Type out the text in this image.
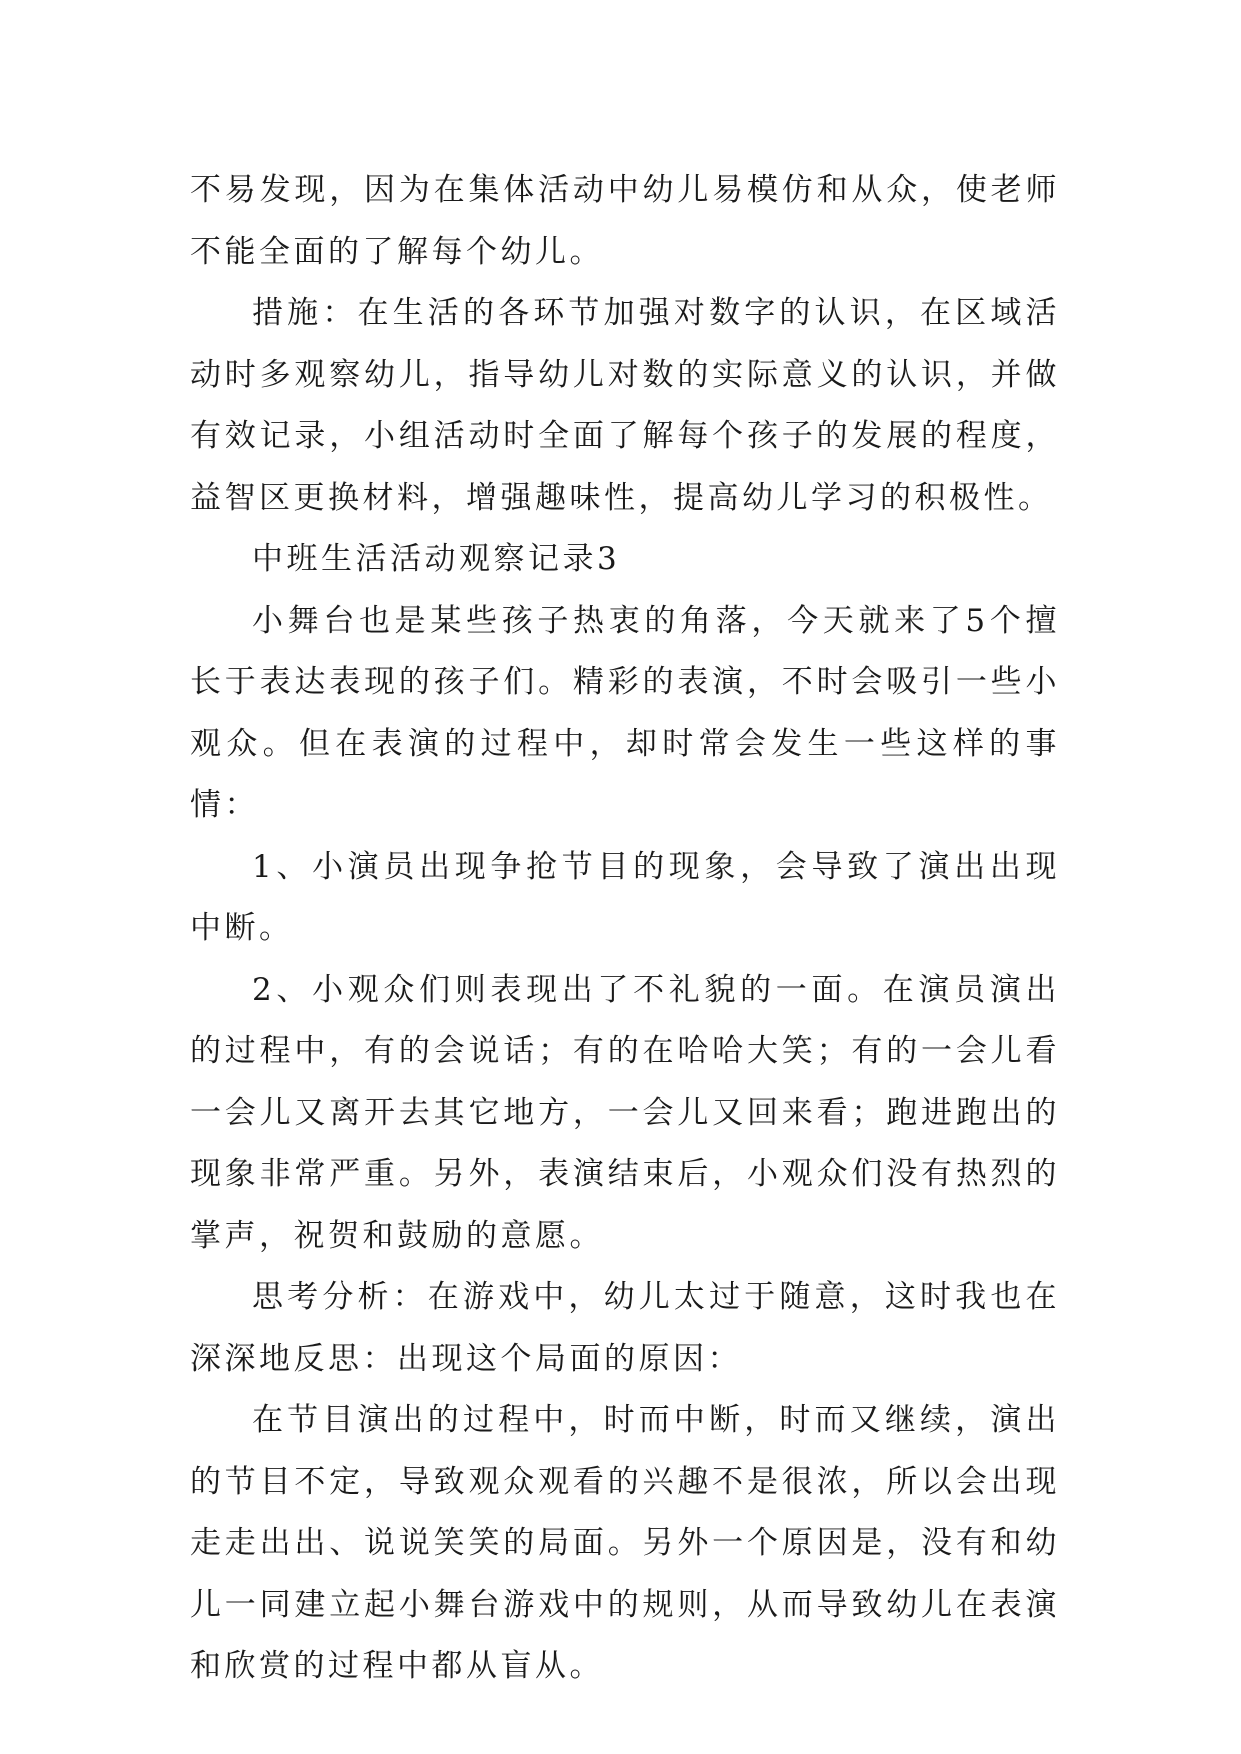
不易发现，因为在集体活动中幼儿易模仿和从众，使老师不能全面的了解每个幼儿。

措施：在生活的各环节加强对数字的认识，在区域活动时多观察幼儿，指导幼儿对数的实际意义的认识，并做有效记录，小组活动时全面了解每个孩子的发展的程度，益智区更换材料，增强趣味性，提高幼儿学习的积极性。

中班生活活动观察记录3

小舞台也是某些孩子热衷的角落，今天就来了5个擅长于表达表现的孩子们。精彩的表演，不时会吸引一些小观众。但在表演的过程中，却时常会发生一些这样的事情：

1、小演员出现争抢节目的现象，会导致了演出出现中断。

2、小观众们则表现出了不礼貌的一面。在演员演出的过程中，有的会说话；有的在哈哈大笑；有的一会儿看一会儿又离开去其它地方，一会儿又回来看；跑进跑出的现象非常严重。另外，表演结束后，小观众们没有热烈的掌声，祝贺和鼓励的意愿。

思考分析：在游戏中，幼儿太过于随意，这时我也在深深地反思：出现这个局面的原因：

在节目演出的过程中，时而中断，时而又继续，演出的节目不定，导致观众观看的兴趣不是很浓，所以会出现走走出出、说说笑笑的局面。另外一个原因是，没有和幼儿一同建立起小舞台游戏中的规则，从而导致幼儿在表演和欣赏的过程中都从盲从。
